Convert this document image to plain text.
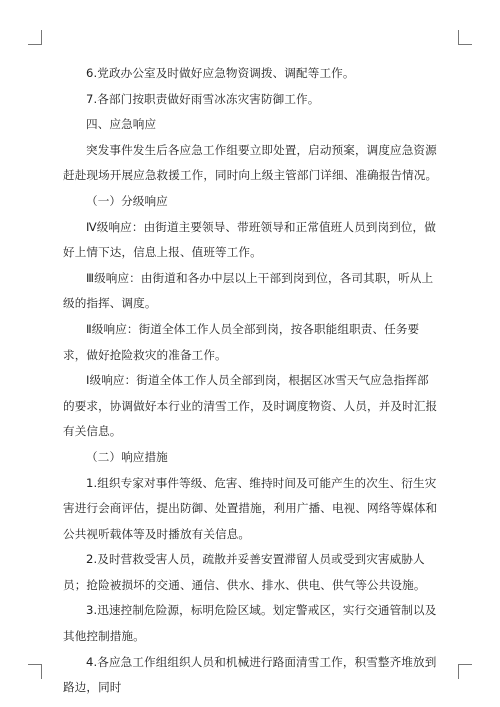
6.党政办公室及时做好应急物资调拨、调配等工作。

7.各部门按职责做好雨雪冰冻灾害防御工作。

四、应急响应

突发事件发生后各应急工作组要立即处置，启动预案，调度应急资源赶赴现场开展应急救援工作，同时向上级主管部门详细、准确报告情况。

（一）分级响应

Ⅳ级响应：由街道主要领导、带班领导和正常值班人员到岗到位，做好上情下达，信息上报、值班等工作。

Ⅲ级响应：由街道和各办中层以上干部到岗到位，各司其职，听从上级的指挥、调度。

Ⅱ级响应：街道全体工作人员全部到岗，按各职能组职责、任务要求，做好抢险救灾的准备工作。

Ⅰ级响应：街道全体工作人员全部到岗，根据区冰雪天气应急指挥部的要求，协调做好本行业的清雪工作，及时调度物资、人员，并及时汇报有关信息。

（二）响应措施

1.组织专家对事件等级、危害、维持时间及可能产生的次生、衍生灾害进行会商评估，提出防御、处置措施，利用广播、电视、网络等媒体和公共视听载体等及时播放有关信息。

2.及时营救受害人员，疏散并妥善安置滞留人员或受到灾害威胁人员；抢险被损坏的交通、通信、供水、排水、供电、供气等公共设施。

3.迅速控制危险源，标明危险区域。划定警戒区，实行交通管制以及其他控制措施。

4.各应急工作组组织人员和机械进行路面清雪工作，积雪整齐堆放到路边，同时
